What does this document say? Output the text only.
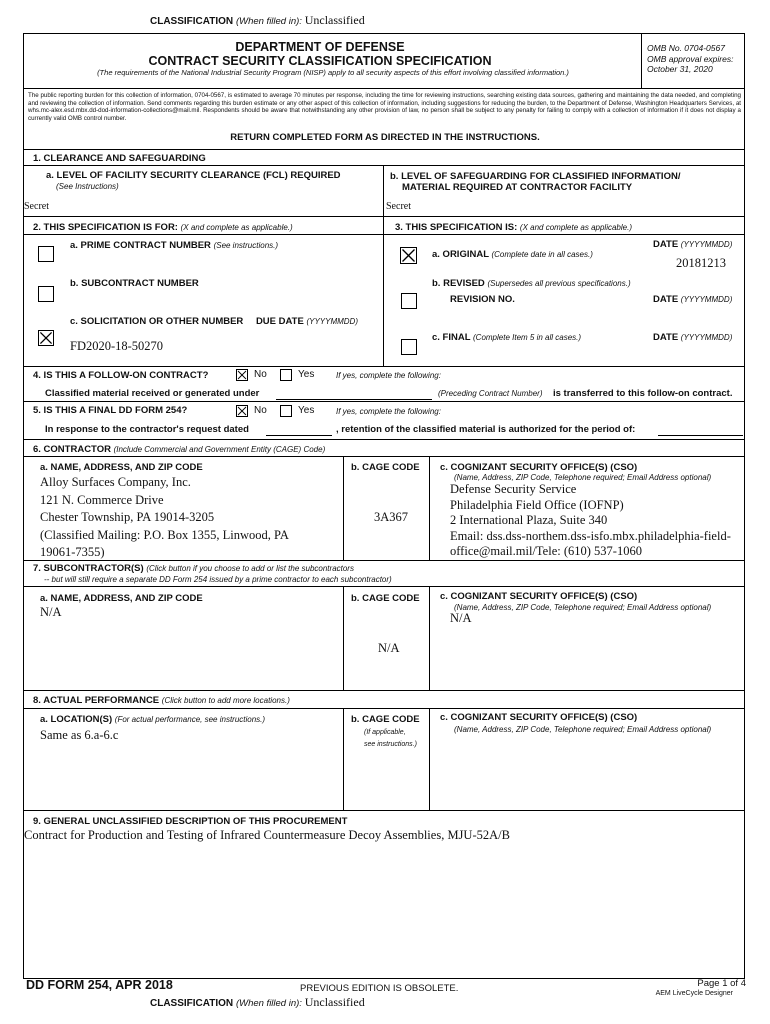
CLASSIFICATION (When filled in): Unclassified
DEPARTMENT OF DEFENSE
CONTRACT SECURITY CLASSIFICATION SPECIFICATION
(The requirements of the National Industrial Security Program (NISP) apply to all security aspects of this effort involving classified information.)
OMB No. 0704-0567
OMB approval expires:
October 31, 2020
The public reporting burden for this collection of information, 0704-0567, is estimated to average 70 minutes per response, including the time for reviewing instructions, searching existing data sources, gathering and maintaining the data needed, and completing and reviewing the collection of information. Send comments regarding this burden estimate or any other aspect of this collection of information, including suggestions for reducing the burden, to the Department of Defense, Washington Headquarters Services, at whs.mc-alex.esd.mbx.dd-dod-information-collections@mail.mil. Respondents should be aware that notwithstanding any other provision of law, no person shall be subject to any penalty for failing to comply with a collection of information if it does not display a currently valid OMB control number.
RETURN COMPLETED FORM AS DIRECTED IN THE INSTRUCTIONS.
1. CLEARANCE AND SAFEGUARDING
a. LEVEL OF FACILITY SECURITY CLEARANCE (FCL) REQUIRED
(See Instructions)
Secret
b. LEVEL OF SAFEGUARDING FOR CLASSIFIED INFORMATION/
MATERIAL REQUIRED AT CONTRACTOR FACILITY
Secret
2. THIS SPECIFICATION IS FOR: (X and complete as applicable.)
a. PRIME CONTRACT NUMBER (See instructions.)
b. SUBCONTRACT NUMBER
c. SOLICITATION OR OTHER NUMBER DUE DATE (YYYYMMDD)
FD2020-18-50270
3. THIS SPECIFICATION IS: (X and complete as applicable.)
a. ORIGINAL (Complete date in all cases.)
DATE (YYYYMMDD)
20181213
b. REVISED (Supersedes all previous specifications.)
REVISION NO.	DATE (YYYYMMDD)
c. FINAL (Complete Item 5 in all cases.)	DATE (YYYYMMDD)
4. IS THIS A FOLLOW-ON CONTRACT?	No	Yes	If yes, complete the following:
Classified material received or generated under	(Preceding Contract Number) is transferred to this follow-on contract.
5. IS THIS A FINAL DD FORM 254?	No	Yes	If yes, complete the following:
In response to the contractor's request dated	, retention of the classified material is authorized for the period of:
6. CONTRACTOR (Include Commercial and Government Entity (CAGE) Code)
a. NAME, ADDRESS, AND ZIP CODE
Alloy Surfaces Company, Inc.
121 N. Commerce Drive
Chester Township, PA 19014-3205
(Classified Mailing: P.O. Box 1355, Linwood, PA
19061-7355)
b. CAGE CODE
3A367
c. COGNIZANT SECURITY OFFICE(S) (CSO)
(Name, Address, ZIP Code, Telephone required; Email Address optional)
Defense Security Service
Philadelphia Field Office (IOFNP)
2 International Plaza, Suite 340
Email: dss.dss-northem.dss-isfo.mbx.philadelphia-field-
office@mail.mil/Tele: (610) 537-1060
7. SUBCONTRACTOR(S) (Click button if you choose to add or list the subcontractors
-- but will still require a separate DD Form 254 issued by a prime contractor to each subcontractor)
a. NAME, ADDRESS, AND ZIP CODE
N/A
b. CAGE CODE
N/A
c. COGNIZANT SECURITY OFFICE(S) (CSO)
(Name, Address, ZIP Code, Telephone required; Email Address optional)
N/A
8. ACTUAL PERFORMANCE (Click button to add more locations.)
a. LOCATION(S) (For actual performance, see instructions.)
Same as 6.a-6.c
b. CAGE CODE
(If applicable,
see instructions.)
c. COGNIZANT SECURITY OFFICE(S) (CSO)
(Name, Address, ZIP Code, Telephone required; Email Address optional)
9. GENERAL UNCLASSIFIED DESCRIPTION OF THIS PROCUREMENT
Contract for Production and Testing of Infrared Countermeasure Decoy Assemblies, MJU-52A/B
DD FORM 254, APR 2018	PREVIOUS EDITION IS OBSOLETE.	Page 1 of 4
AEM LiveCycle Designer
CLASSIFICATION (When filled in): Unclassified
